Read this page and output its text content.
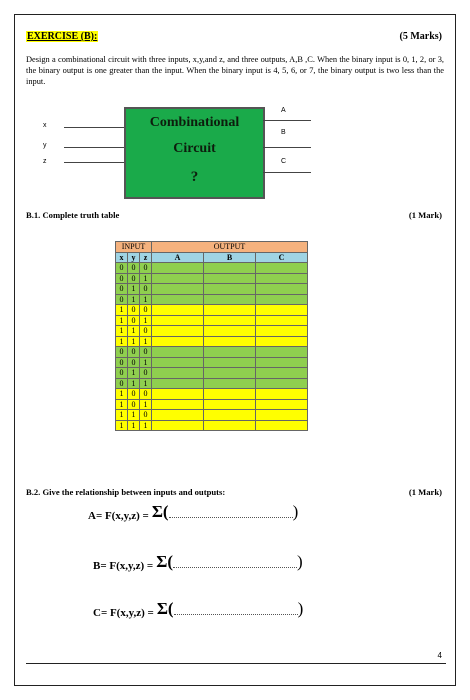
EXERCISE (B):	(5 Marks)
Design a combinational circuit with three inputs, x,y,and z, and three outputs, A,B ,C. When the binary input is 0, 1, 2, or 3, the binary output is one greater than the input. When the binary input is 4, 5, 6, or 7, the binary output is two less than the input.
x
y
z
Combinational
Circuit
?
A
B
C
B.1. Complete truth table	(1 Mark)
INPUT			OUTPUT		
x	y	z	A	B	C
0	0	0			
0	0	1			
0	1	0			
0	1	1			
1	0	0			
1	0	1			
1	1	0			
1	1	1			
0	0	0			
0	0	1			
0	1	0			
0	1	1			
1	0	0			
1	0	1			
1	1	0			
1	1	1			
B.2. Give the relationship between inputs and outputs:	(1 Mark)
A= F(x,y,z) = Σ(	)
B= F(x,y,z) = Σ(	)
C= F(x,y,z) = Σ(	)
4
